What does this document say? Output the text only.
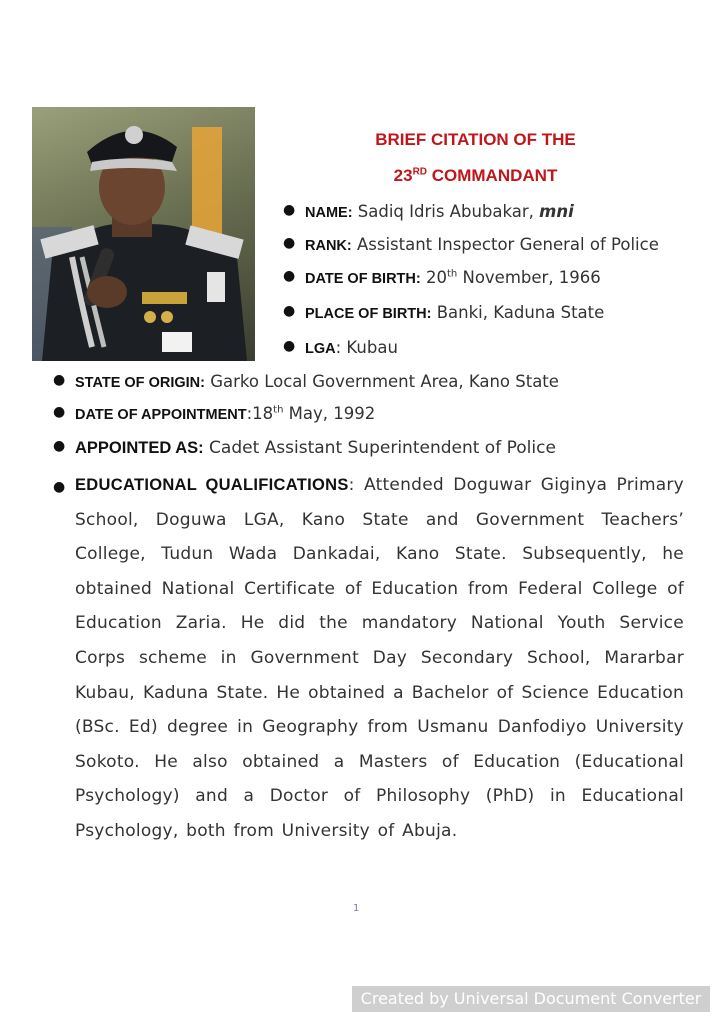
BRIEF CITATION OF THE
23RD COMMANDANT
● NAME: Sadiq Idris Abubakar, mni
● RANK: Assistant Inspector General of Police
● DATE OF BIRTH: 20th November, 1966
● PLACE OF BIRTH: Banki, Kaduna State
● LGA: Kubau
● STATE OF ORIGIN: Garko Local Government Area, Kano State
● DATE OF APPOINTMENT:18th May, 1992
● APPOINTED AS: Cadet Assistant Superintendent of Police
● EDUCATIONAL QUALIFICATIONS: Attended Doguwar Giginya Primary School, Doguwa LGA, Kano State and Government Teachers’ College, Tudun Wada Dankadai, Kano State. Subsequently, he obtained National Certificate of Education from Federal College of Education Zaria. He did the mandatory National Youth Service Corps scheme in Government Day Secondary School, Mararbar Kubau, Kaduna State. He obtained a Bachelor of Science Education (BSc. Ed) degree in Geography from Usmanu Danfodiyo University Sokoto. He also obtained a Masters of Education (Educational Psychology) and a Doctor of Philosophy (PhD) in Educational Psychology, both from University of Abuja.
1
Created by Universal Document Converter
